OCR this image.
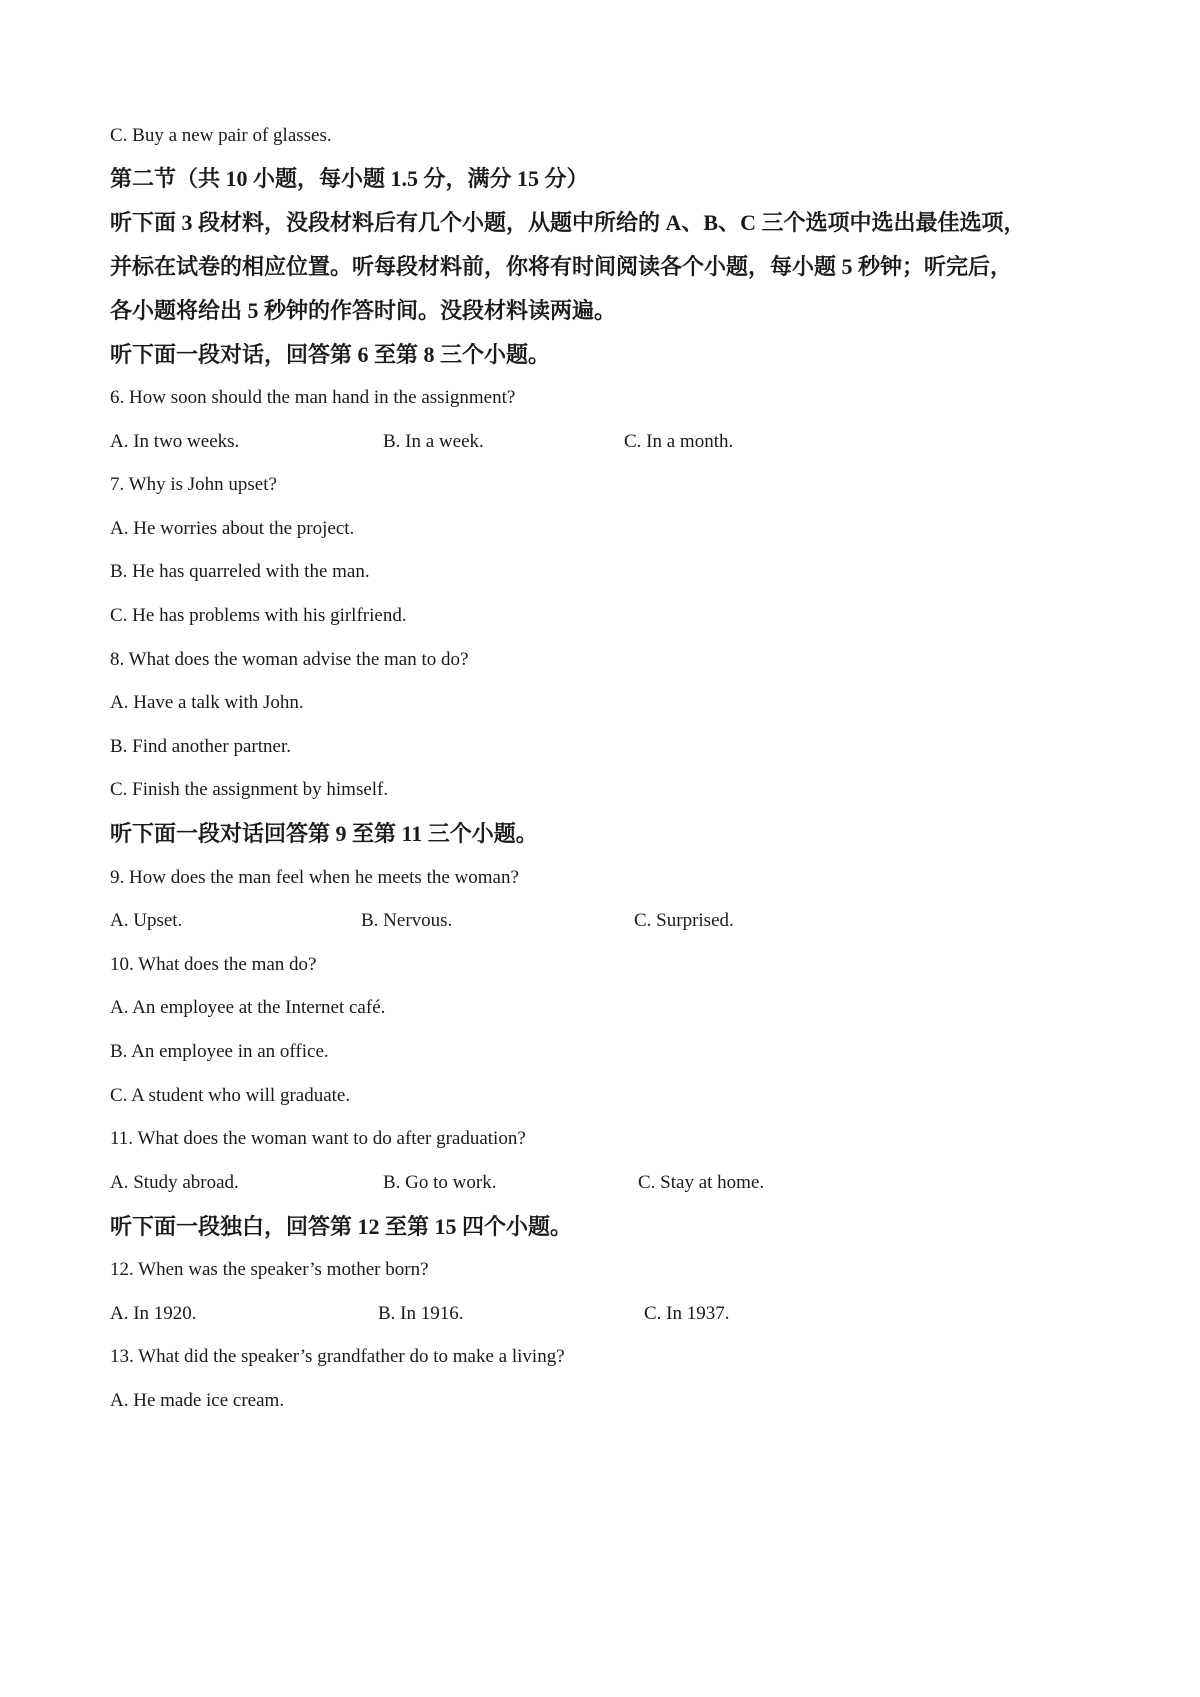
C. Buy a new pair of glasses.
第二节（共 10 小题，每小题 1.5 分，满分 15 分）
听下面 3 段材料，没段材料后有几个小题，从题中所给的 A、B、C 三个选项中选出最佳选项，
并标在试卷的相应位置。听每段材料前，你将有时间阅读各个小题，每小题 5 秒钟；听完后，
各小题将给出 5 秒钟的作答时间。没段材料读两遍。
听下面一段对话，回答第 6 至第 8 三个小题。
6. How soon should the man hand in the assignment?
A. In two weeks.	B. In a week.	C. In a month.
7. Why is John upset?
A. He worries about the project.
B. He has quarreled with the man.
C. He has problems with his girlfriend.
8. What does the woman advise the man to do?
A. Have a talk with John.
B. Find another partner.
C. Finish the assignment by himself.
听下面一段对话回答第 9 至第 11 三个小题。
9. How does the man feel when he meets the woman?
A. Upset.	B. Nervous.	C. Surprised.
10. What does the man do?
A. An employee at the Internet café.
B. An employee in an office.
C. A student who will graduate.
11. What does the woman want to do after graduation?
A. Study abroad.	B. Go to work.	C. Stay at home.
听下面一段独白，回答第 12 至第 15 四个小题。
12. When was the speaker’s mother born?
A. In 1920.	B. In 1916.	C. In 1937.
13. What did the speaker’s grandfather do to make a living?
A. He made ice cream.
